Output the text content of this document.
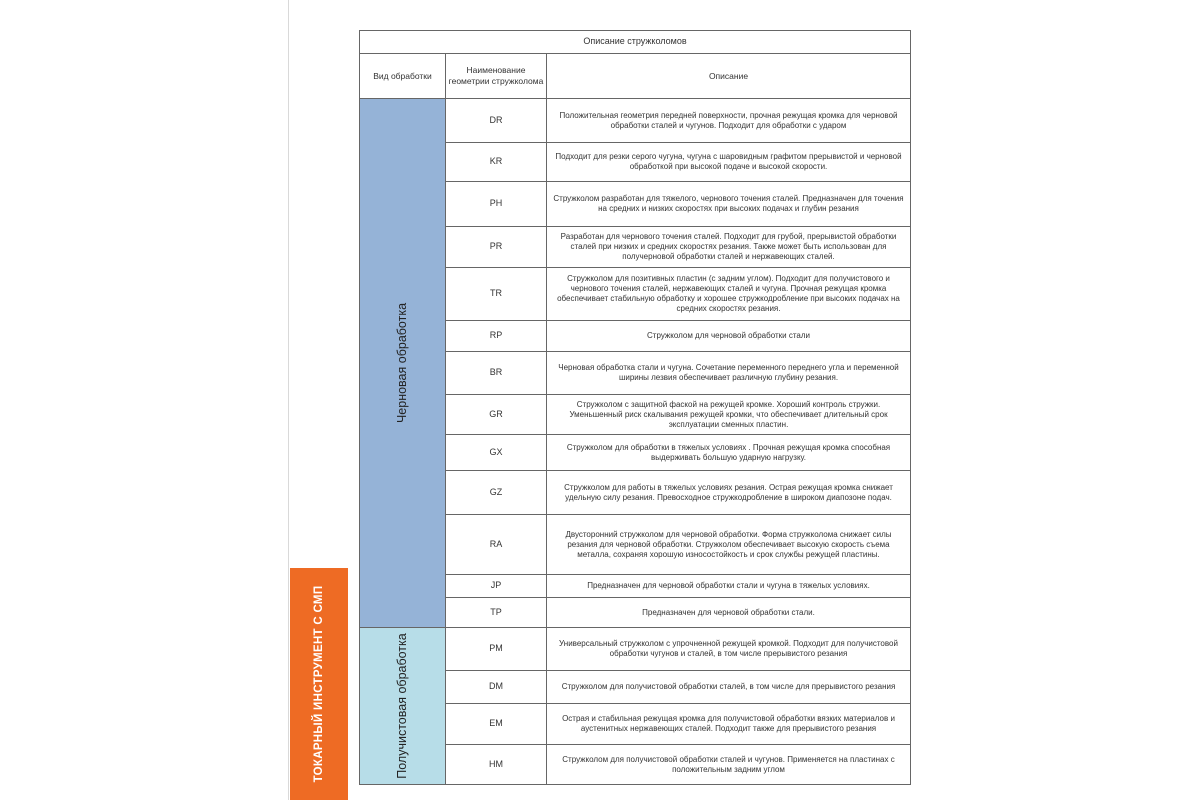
ТОКАРНЫЙ ИНСТРУМЕНТ С СМП
Описание стружколомов		
Вид обработки	Наименование геометрии стружколома	Описание

Черновая обработка	DR	Положительная геометрия передней поверхности, прочная режущая кромка для черновой обработки сталей и чугунов. Подходит для обработки с ударом
	KR	Подходит для резки серого чугуна, чугуна с шаровидным графитом прерывистой и черновой обработкой при высокой подаче и высокой скорости.
	PH	Стружколом разработан для тяжелого, чернового точения сталей. Предназначен для точения на средних и низких скоростях при высоких подачах и глубин резания
	PR	Разработан для чернового точения сталей. Подходит для грубой, прерывистой обработки сталей при низких и средних скоростях резания. Также может быть использован для получерновой обработки сталей и нержавеющих сталей.
	TR	Стружколом для позитивных пластин (с задним углом). Подходит для получистового и чернового точения сталей, нержавеющих сталей и чугуна. Прочная режущая кромка обеспечивает стабильную обработку и хорошее стружкодробление при высоких подачах на средних скоростях резания.
	RP	Стружколом для черновой обработки стали
	BR	Черновая обработка стали и чугуна. Сочетание переменного переднего угла и переменной ширины лезвия обеспечивает различную глубину резания.
	GR	Стружколом с защитной фаской на режущей кромке. Хороший контроль стружки. Уменьшенный риск скалывания режущей кромки, что обеспечивает длительный срок эксплуатации сменных пластин.
	GX	Стружколом для обработки в тяжелых условиях . Прочная режущая кромка способная выдерживать большую ударную нагрузку.
	GZ	Стружколом для работы в тяжелых условиях резания. Острая режущая кромка снижает удельную силу резания. Превосходное стружкодробление в широком диапозоне подач.
	RA	Двусторонний стружколом для черновой обработки. Форма стружколома снижает силы резания для черновой обработки. Стружколом обеспечивает высокую скорость съема металла, сохраняя хорошую износостойкость и срок службы режущей пластины.
	JP	Предназначен для черновой обработки стали и чугуна в тяжелых условиях.
	TP	Предназначен для черновой обработки стали.

Получистовая обработка	PM	Универсальный стружколом с упрочненной режущей кромкой. Подходит для получистовой обработки чугунов и сталей, в том числе прерывистого резания
	DM	Стружколом для получистовой обработки сталей, в том числе для прерывистого резания
	EM	Острая и стабильная режущая кромка для получистовой обработки вязких материалов и аустенитных нержавеющих сталей. Подходит также для прерывистого резания
	HM	Стружколом для получистовой обработки сталей и чугунов. Применяется на пластинах с положительным задним углом
